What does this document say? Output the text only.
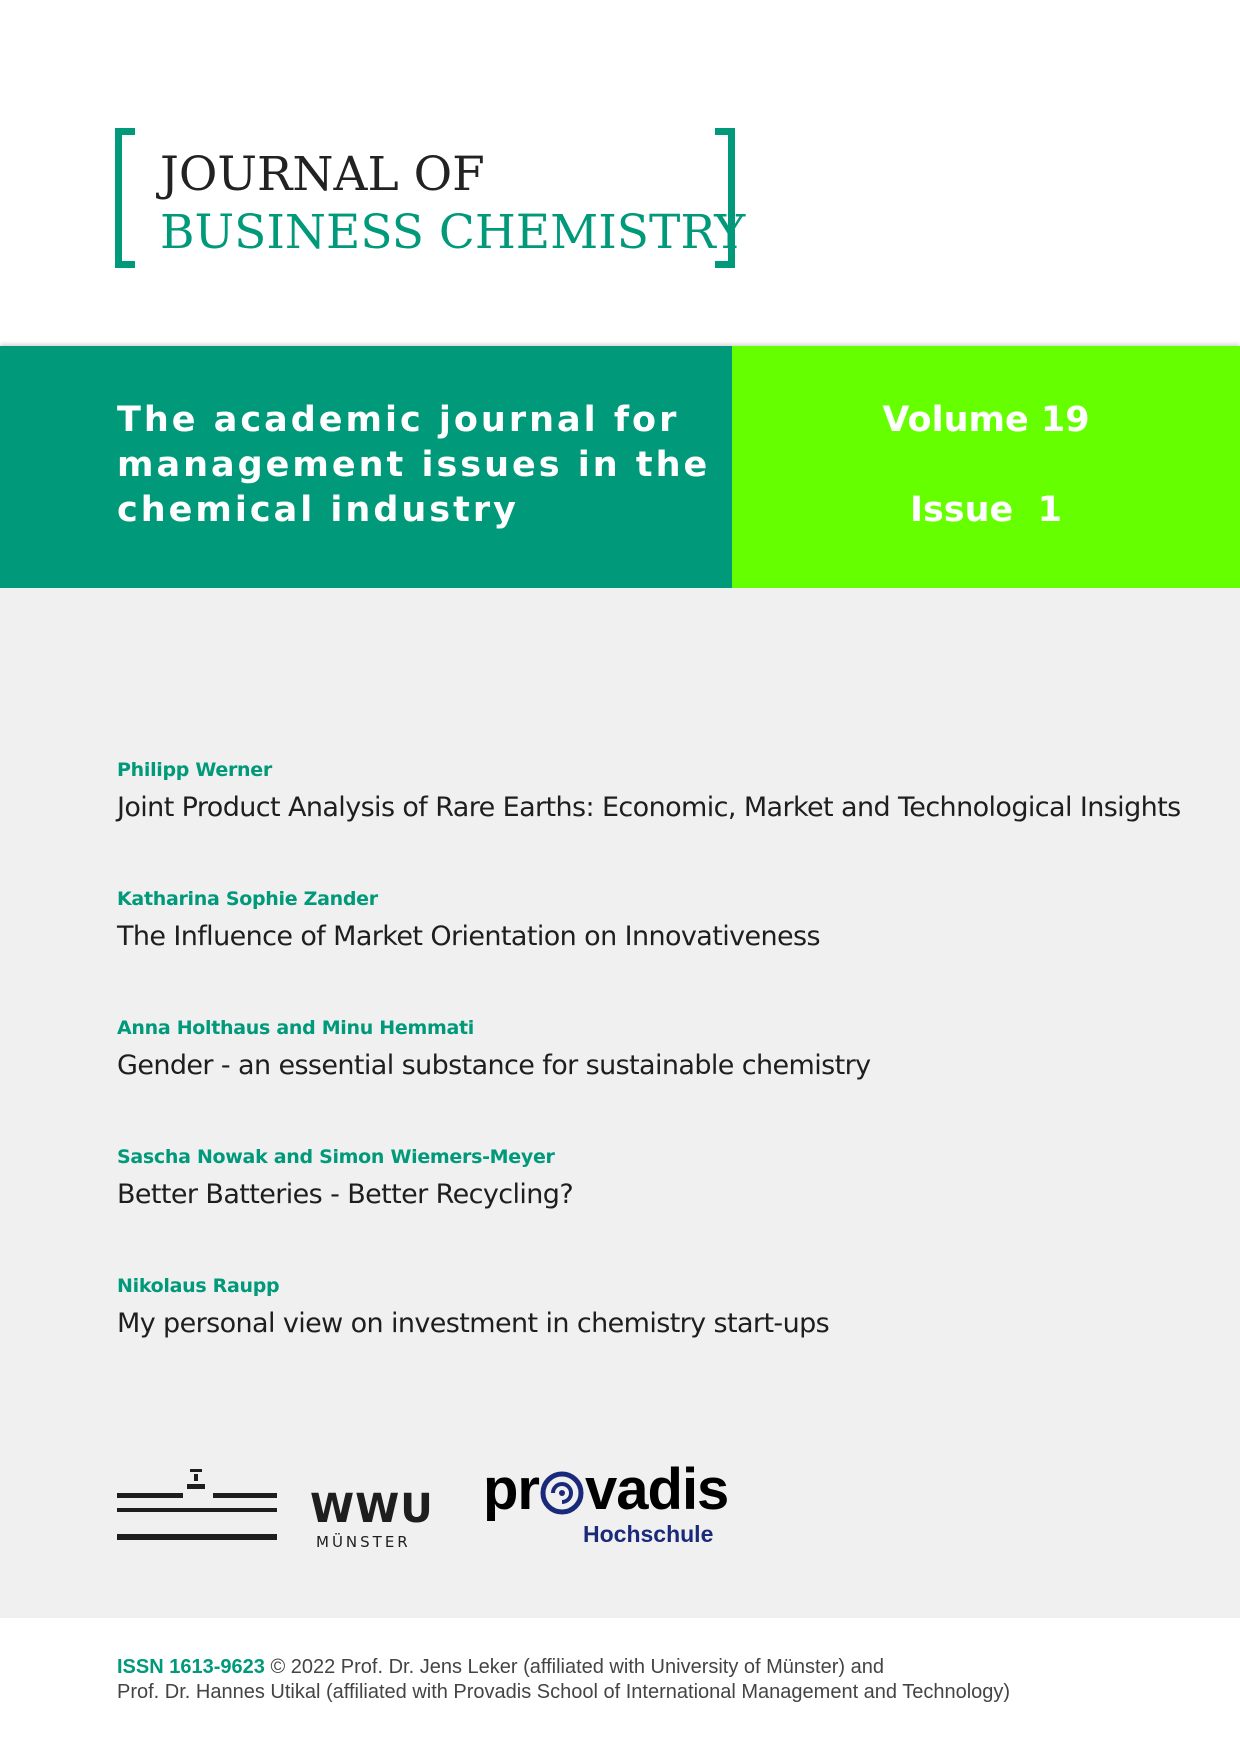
JOURNAL OF
BUSINESS CHEMISTRY
The academic journal for
management issues in the
chemical industry
Volume 19
Issue  1
Philipp Werner
Joint Product Analysis of Rare Earths: Economic, Market and Technological Insights
Katharina Sophie Zander
The Influence of Market Orientation on Innovativeness
Anna Holthaus and Minu Hemmati
Gender - an essential substance for sustainable chemistry
Sascha Nowak and Simon Wiemers-Meyer
Better Batteries - Better Recycling?
Nikolaus Raupp
My personal view on investment in chemistry start-ups
WWU
MÜNSTER
pr vadis
Hochschule
ISSN 1613-9623 © 2022 Prof. Dr. Jens Leker (affiliated with University of Münster) and
Prof. Dr. Hannes Utikal (affiliated with Provadis School of International Management and Technology)
